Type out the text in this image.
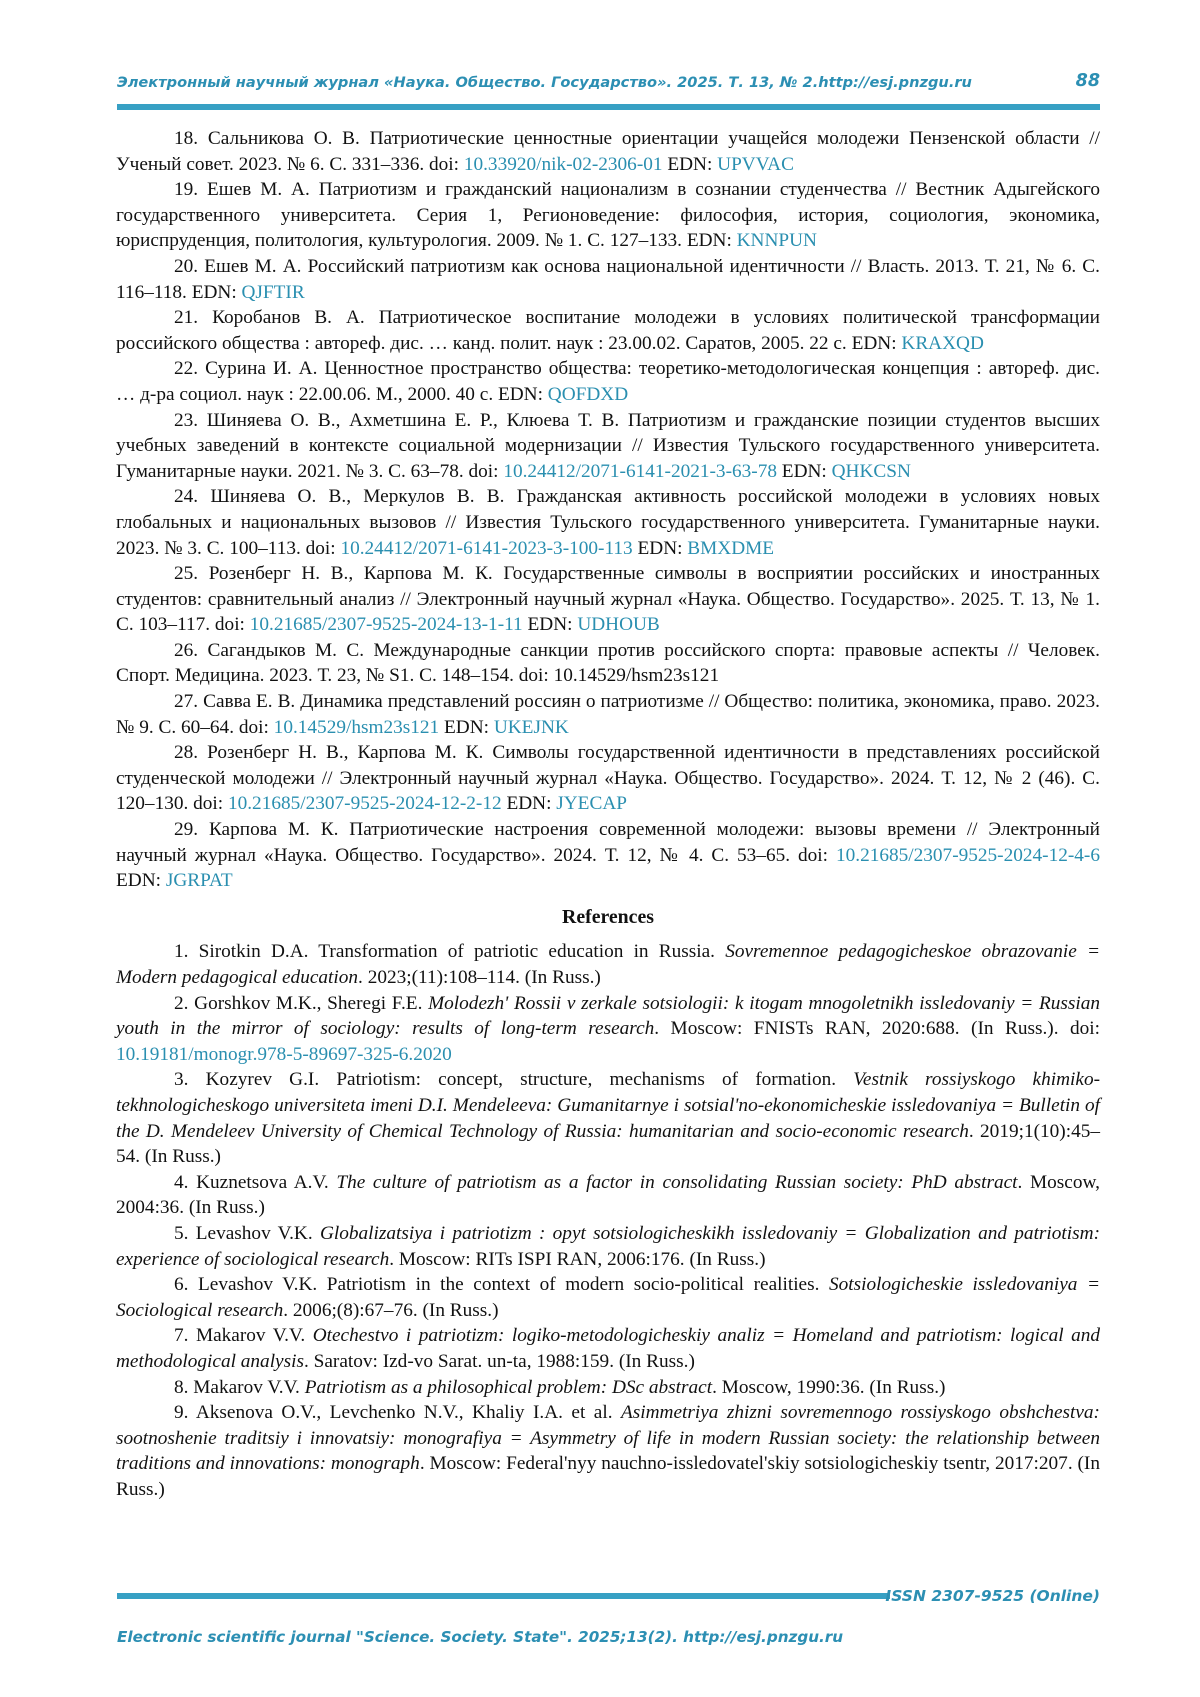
Электронный научный журнал «Наука. Общество. Государство». 2025. Т. 13, № 2.http://esj.pnzgu.ru	88

18. Сальникова О. В. Патриотические ценностные ориентации учащейся молодежи Пензенской области // Ученый совет. 2023. № 6. С. 331–336. doi: 10.33920/nik-02-2306-01 EDN: UPVVAC

19. Ешев М. А. Патриотизм и гражданский национализм в сознании студенчества // Вестник Адыгейского государственного университета. Серия 1, Регионоведение: философия, история, социология, экономика, юриспруденция, политология, культурология. 2009. № 1. С. 127–133. EDN: KNNPUN

20. Ешев М. А. Российский патриотизм как основа национальной идентичности // Власть. 2013. Т. 21, № 6. С. 116–118. EDN: QJFTIR

21. Коробанов В. А. Патриотическое воспитание молодежи в условиях политической трансформации российского общества : автореф. дис. … канд. полит. наук : 23.00.02. Саратов, 2005. 22 с. EDN: KRAXQD

22. Сурина И. А. Ценностное пространство общества: теоретико-методологическая концепция : автореф. дис. … д-ра социол. наук : 22.00.06. М., 2000. 40 с. EDN: QOFDXD

23. Шиняева О. В., Ахметшина Е. Р., Клюева Т. В. Патриотизм и гражданские позиции студентов высших учебных заведений в контексте социальной модернизации // Известия Тульского государственного университета. Гуманитарные науки. 2021. № 3. С. 63–78. doi: 10.24412/2071-6141-2021-3-63-78 EDN: QHKCSN

24. Шиняева О. В., Меркулов В. В. Гражданская активность российской молодежи в условиях новых глобальных и национальных вызовов // Известия Тульского государственного университета. Гуманитарные науки. 2023. № 3. С. 100–113. doi: 10.24412/2071-6141-2023-3-100-113 EDN: BMXDME

25. Розенберг Н. В., Карпова М. К. Государственные символы в восприятии российских и иностранных студентов: сравнительный анализ // Электронный научный журнал «Наука. Общество. Государство». 2025. Т. 13, № 1. С. 103–117. doi: 10.21685/2307-9525-2024-13-1-11 EDN: UDHOUB

26. Сагандыков М. С. Международные санкции против российского спорта: правовые аспекты // Человек. Спорт. Медицина. 2023. Т. 23, № S1. С. 148–154. doi: 10.14529/hsm23s121

27. Савва Е. В. Динамика представлений россиян о патриотизме // Общество: политика, экономика, право. 2023. № 9. С. 60–64. doi: 10.14529/hsm23s121 EDN: UKEJNK

28. Розенберг Н. В., Карпова М. К. Символы государственной идентичности в представлениях российской студенческой молодежи // Электронный научный журнал «Наука. Общество. Государство». 2024. Т. 12, № 2 (46). С. 120–130. doi: 10.21685/2307-9525-2024-12-2-12 EDN: JYECAP

29. Карпова М. К. Патриотические настроения современной молодежи: вызовы времени // Электронный научный журнал «Наука. Общество. Государство». 2024. Т. 12, № 4. С. 53–65. doi: 10.21685/2307-9525-2024-12-4-6 EDN: JGRPAT

References

1. Sirotkin D.A. Transformation of patriotic education in Russia. Sovremennoe pedagogicheskoe obrazovanie = Modern pedagogical education. 2023;(11):108–114. (In Russ.)

2. Gorshkov M.K., Sheregi F.E. Molodezh' Rossii v zerkale sotsiologii: k itogam mnogoletnikh issledovaniy = Russian youth in the mirror of sociology: results of long-term research. Moscow: FNISTs RAN, 2020:688. (In Russ.). doi: 10.19181/monogr.978-5-89697-325-6.2020

3. Kozyrev G.I. Patriotism: concept, structure, mechanisms of formation. Vestnik rossiyskogo khimiko-tekhnologicheskogo universiteta imeni D.I. Mendeleeva: Gumanitarnye i sotsial'no-ekonomicheskie issledovaniya = Bulletin of the D. Mendeleev University of Chemical Technology of Russia: humanitarian and socio-economic research. 2019;1(10):45–54. (In Russ.)

4. Kuznetsova A.V. The culture of patriotism as a factor in consolidating Russian society: PhD abstract. Moscow, 2004:36. (In Russ.)

5. Levashov V.K. Globalizatsiya i patriotizm : opyt sotsiologicheskikh issledovaniy = Globalization and patriotism: experience of sociological research. Moscow: RITs ISPI RAN, 2006:176. (In Russ.)

6. Levashov V.K. Patriotism in the context of modern socio-political realities. Sotsiologicheskie issledovaniya = Sociological research. 2006;(8):67–76. (In Russ.)

7. Makarov V.V. Otechestvo i patriotizm: logiko-metodologicheskiy analiz = Homeland and patriotism: logical and methodological analysis. Saratov: Izd-vo Sarat. un-ta, 1988:159. (In Russ.)

8. Makarov V.V. Patriotism as a philosophical problem: DSc abstract. Moscow, 1990:36. (In Russ.)

9. Aksenova O.V., Levchenko N.V., Khaliy I.A. et al. Asimmetriya zhizni sovremennogo rossiyskogo obshchestva: sootnoshenie traditsiy i innovatsiy: monografiya = Asymmetry of life in modern Russian society: the relationship between traditions and innovations: monograph. Moscow: Federal'nyy nauchno-issledovatel'skiy sotsiologicheskiy tsentr, 2017:207. (In Russ.)

ISSN 2307-9525 (Online)
Electronic scientific journal "Science. Society. State". 2025;13(2). http://esj.pnzgu.ru
